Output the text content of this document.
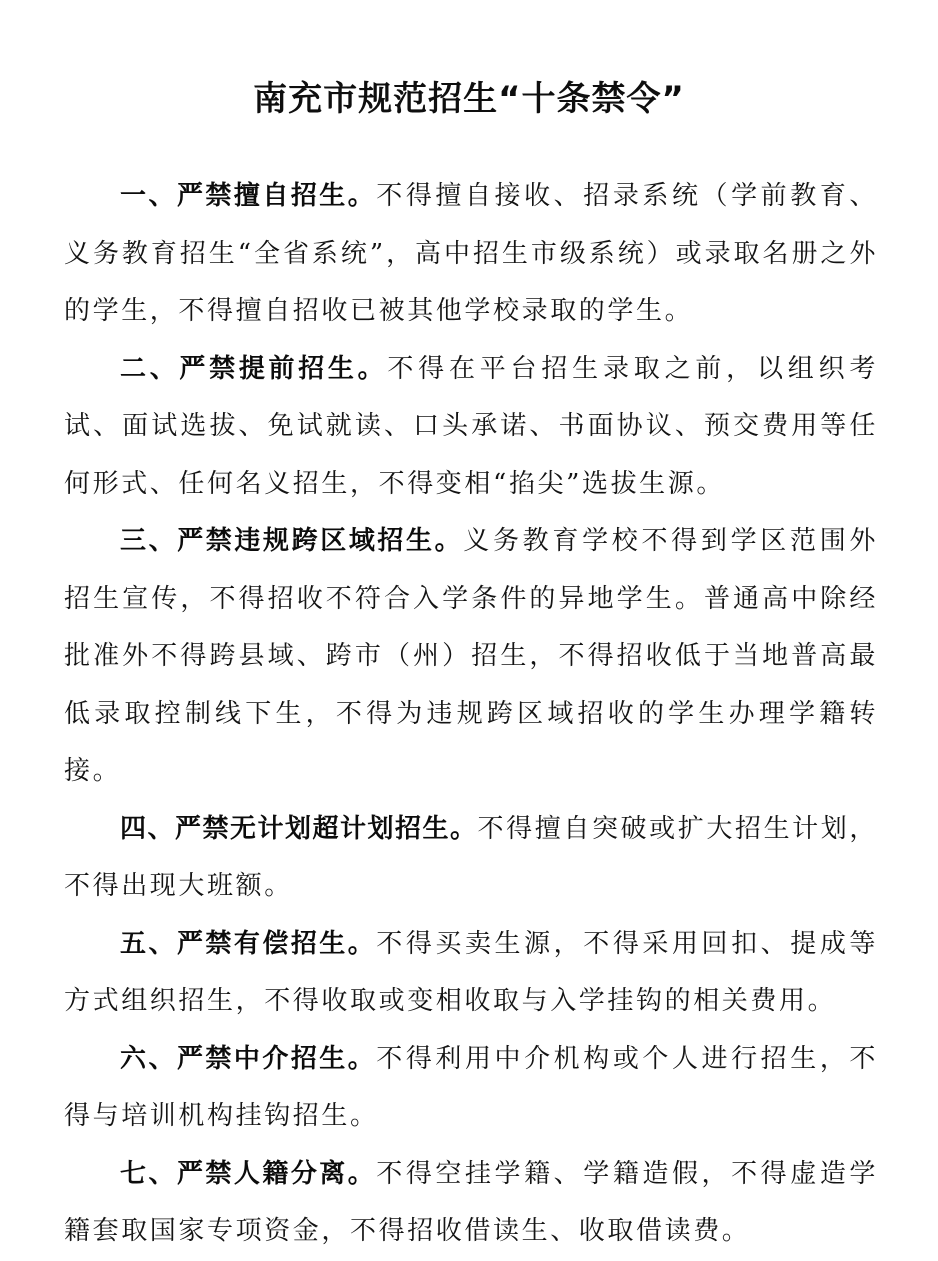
南充市规范招生“十条禁令”

一、严禁擅自招生。不得擅自接收、招录系统（学前教育、义务教育招生“全省系统”，高中招生市级系统）或录取名册之外的学生，不得擅自招收已被其他学校录取的学生。

二、严禁提前招生。不得在平台招生录取之前，以组织考试、面试选拔、免试就读、口头承诺、书面协议、预交费用等任何形式、任何名义招生，不得变相“掐尖”选拔生源。

三、严禁违规跨区域招生。义务教育学校不得到学区范围外招生宣传，不得招收不符合入学条件的异地学生。普通高中除经批准外不得跨县域、跨市（州）招生，不得招收低于当地普高最低录取控制线下生，不得为违规跨区域招收的学生办理学籍转接。

四、严禁无计划超计划招生。不得擅自突破或扩大招生计划，不得出现大班额。

五、严禁有偿招生。不得买卖生源，不得采用回扣、提成等方式组织招生，不得收取或变相收取与入学挂钩的相关费用。

六、严禁中介招生。不得利用中介机构或个人进行招生，不得与培训机构挂钩招生。

七、严禁人籍分离。不得空挂学籍、学籍造假，不得虚造学籍套取国家专项资金，不得招收借读生、收取借读费。
